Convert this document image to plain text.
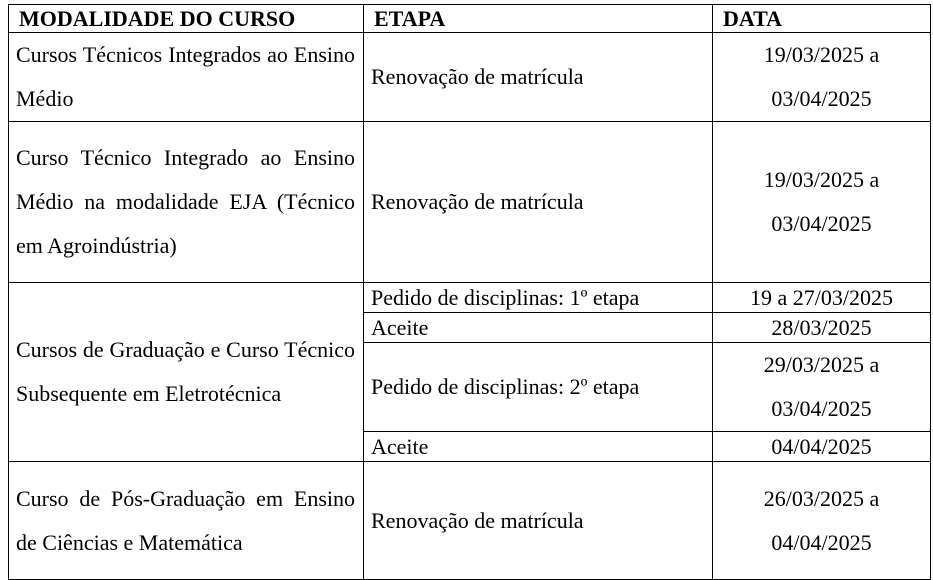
MODALIDADE DO CURSO	ETAPA	DATA
Cursos Técnicos Integrados ao Ensino Médio	Renovação de matrícula	19/03/2025 a
03/04/2025

Curso Técnico Integrado ao Ensino Médio na modalidade EJA (Técnico em Agroindústria)	Renovação de matrícula	19/03/2025 a
03/04/2025

Cursos de Graduação e Curso Técnico Subsequente em Eletrotécnica	Pedido de disciplinas: 1º etapa	19 a 27/03/2025
	Aceite	28/03/2025
	Pedido de disciplinas: 2º etapa	29/03/2025 a
03/04/2025

	Aceite	04/04/2025
Curso de Pós-Graduação em Ensino de Ciências e Matemática	Renovação de matrícula	26/03/2025 a
04/04/2025
